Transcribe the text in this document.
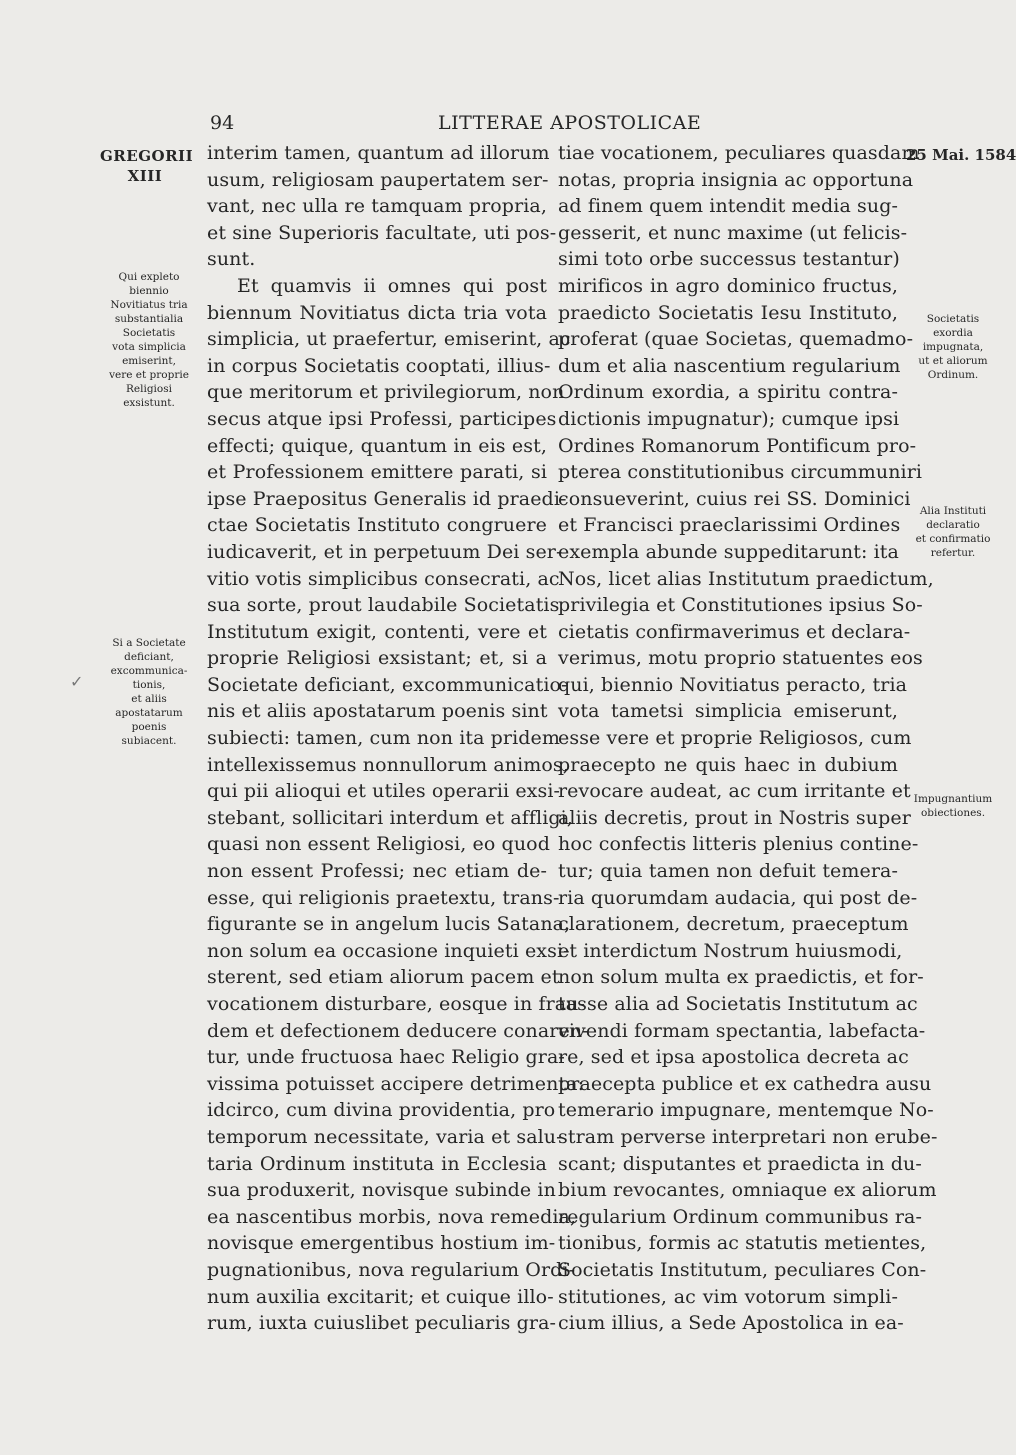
94	LITTERAE APOSTOLICAE
GREGORII
XIII
25 Mai. 1584
Qui expleto
biennio
Novitiatus tria
substantialia
Societatis
vota simplicia
emiserint,
vere et proprie
Religiosi
exsistunt.
Si a Societate
deficiant,
excommunica-
tionis,
et aliis
apostatarum
poenis
subiacent.
✓
Societatis
exordia
impugnata,
ut et aliorum
Ordinum.
Alia Instituti
declaratio
et confirmatio
refertur.
Impugnantium
obiectiones.
interim tamen, quantum ad illorum
usum, religiosam paupertatem ser-
vant, nec ulla re tamquam propria,
et sine Superioris facultate, uti pos-
sunt.
Et quamvis ii omnes qui post
biennum Novitiatus dicta tria vota
simplicia, ut praefertur, emiserint, ac
in corpus Societatis cooptati, illius-
que meritorum et privilegiorum, non
secus atque ipsi Professi, participes
effecti; quique, quantum in eis est,
et Professionem emittere parati, si
ipse Praepositus Generalis id praedi-
ctae Societatis Instituto congruere
iudicaverit, et in perpetuum Dei ser-
vitio votis simplicibus consecrati, ac
sua sorte, prout laudabile Societatis
Institutum exigit, contenti, vere et
proprie Religiosi exsistant; et, si a
Societate deficiant, excommunicatio-
nis et aliis apostatarum poenis sint
subiecti: tamen, cum non ita pridem
intellexissemus nonnullorum animos,
qui pii alioqui et utiles operarii exsi-
stebant, sollicitari interdum et affligi,
quasi non essent Religiosi, eo quod
non essent Professi; nec etiam de-
esse, qui religionis praetextu, trans-
figurante se in angelum lucis Satana,
non solum ea occasione inquieti exsi-
sterent, sed etiam aliorum pacem et
vocationem disturbare, eosque in frau-
dem et defectionem deducere conaren-
tur, unde fructuosa haec Religio gra-
vissima potuisset accipere detrimenta:
idcirco, cum divina providentia, pro
temporum necessitate, varia et salu-
taria Ordinum instituta in Ecclesia
sua produxerit, novisque subinde in
ea nascentibus morbis, nova remedia,
novisque emergentibus hostium im-
pugnationibus, nova regularium Ordi-
num auxilia excitarit; et cuique illo-
rum, iuxta cuiuslibet peculiaris gra-
tiae vocationem, peculiares quasdam
notas, propria insignia ac opportuna
ad finem quem intendit media sug-
gesserit, et nunc maxime (ut felicis-
simi toto orbe successus testantur)
mirificos in agro dominico fructus,
praedicto Societatis Iesu Instituto,
proferat (quae Societas, quemadmo-
dum et alia nascentium regularium
Ordinum exordia, a spiritu contra-
dictionis impugnatur); cumque ipsi
Ordines Romanorum Pontificum pro-
pterea constitutionibus circummuniri
consueverint, cuius rei SS. Dominici
et Francisci praeclarissimi Ordines
exempla abunde suppeditarunt: ita
Nos, licet alias Institutum praedictum,
privilegia et Constitutiones ipsius So-
cietatis confirmaverimus et declara-
verimus, motu proprio statuentes eos
qui, biennio Novitiatus peracto, tria
vota tametsi simplicia emiserunt,
esse vere et proprie Religiosos, cum
praecepto ne quis haec in dubium
revocare audeat, ac cum irritante et
aliis decretis, prout in Nostris super
hoc confectis litteris plenius contine-
tur; quia tamen non defuit temera-
ria quorumdam audacia, qui post de-
clarationem, decretum, praeceptum
et interdictum Nostrum huiusmodi,
non solum multa ex praedictis, et for-
tasse alia ad Societatis Institutum ac
vivendi formam spectantia, labefacta-
re, sed et ipsa apostolica decreta ac
praecepta publice et ex cathedra ausu
temerario impugnare, mentemque No-
stram perverse interpretari non erube-
scant; disputantes et praedicta in du-
bium revocantes, omniaque ex aliorum
regularium Ordinum communibus ra-
tionibus, formis ac statutis metientes,
Societatis Institutum, peculiares Con-
stitutiones, ac vim votorum simpli-
cium illius, a Sede Apostolica in ea-
